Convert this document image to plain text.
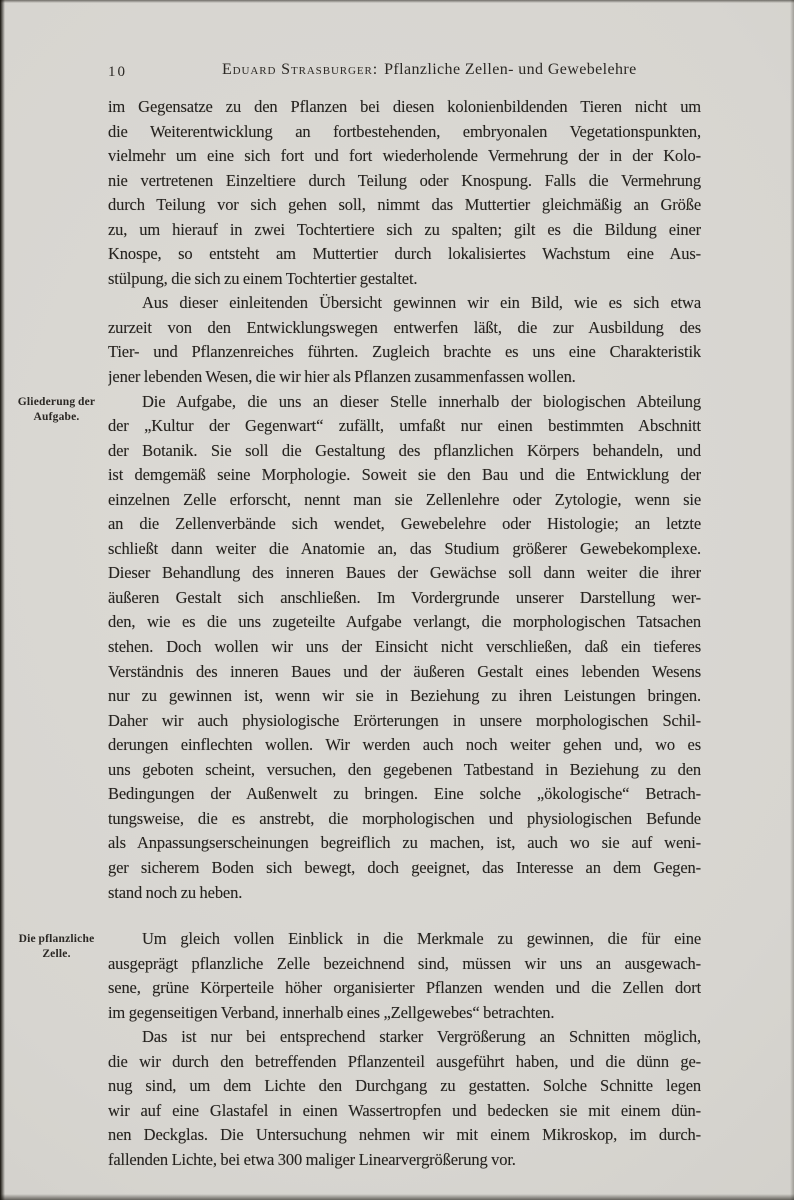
10	Eduard Strasburger: Pflanzliche Zellen- und Gewebelehre
im Gegensatze zu den Pflanzen bei diesen kolonienbildenden Tieren nicht um
die Weiterentwicklung an fortbestehenden, embryonalen Vegetationspunkten,
vielmehr um eine sich fort und fort wiederholende Vermehrung der in der Kolo-
nie vertretenen Einzeltiere durch Teilung oder Knospung. Falls die Vermehrung
durch Teilung vor sich gehen soll, nimmt das Muttertier gleichmäßig an Größe
zu, um hierauf in zwei Tochtertiere sich zu spalten; gilt es die Bildung einer
Knospe, so entsteht am Muttertier durch lokalisiertes Wachstum eine Aus-
stülpung, die sich zu einem Tochtertier gestaltet.
Aus dieser einleitenden Übersicht gewinnen wir ein Bild, wie es sich etwa
zurzeit von den Entwicklungswegen entwerfen läßt, die zur Ausbildung des
Tier- und Pflanzenreiches führten. Zugleich brachte es uns eine Charakteristik
jener lebenden Wesen, die wir hier als Pflanzen zusammenfassen wollen.
Gliederung der Aufgabe.
Die Aufgabe, die uns an dieser Stelle innerhalb der biologischen Abteilung
der „Kultur der Gegenwart“ zufällt, umfaßt nur einen bestimmten Abschnitt
der Botanik. Sie soll die Gestaltung des pflanzlichen Körpers behandeln, und
ist demgemäß seine Morphologie. Soweit sie den Bau und die Entwicklung der
einzelnen Zelle erforscht, nennt man sie Zellenlehre oder Zytologie, wenn sie
an die Zellenverbände sich wendet, Gewebelehre oder Histologie; an letzte
schließt dann weiter die Anatomie an, das Studium größerer Gewebekomplexe.
Dieser Behandlung des inneren Baues der Gewächse soll dann weiter die ihrer
äußeren Gestalt sich anschließen. Im Vordergrunde unserer Darstellung wer-
den, wie es die uns zugeteilte Aufgabe verlangt, die morphologischen Tatsachen
stehen. Doch wollen wir uns der Einsicht nicht verschließen, daß ein tieferes
Verständnis des inneren Baues und der äußeren Gestalt eines lebenden Wesens
nur zu gewinnen ist, wenn wir sie in Beziehung zu ihren Leistungen bringen.
Daher wir auch physiologische Erörterungen in unsere morphologischen Schil-
derungen einflechten wollen. Wir werden auch noch weiter gehen und, wo es
uns geboten scheint, versuchen, den gegebenen Tatbestand in Beziehung zu den
Bedingungen der Außenwelt zu bringen. Eine solche „ökologische“ Betrach-
tungsweise, die es anstrebt, die morphologischen und physiologischen Befunde
als Anpassungserscheinungen begreiflich zu machen, ist, auch wo sie auf weni-
ger sicherem Boden sich bewegt, doch geeignet, das Interesse an dem Gegen-
stand noch zu heben.
Die pflanzliche Zelle.
Um gleich vollen Einblick in die Merkmale zu gewinnen, die für eine
ausgeprägt pflanzliche Zelle bezeichnend sind, müssen wir uns an ausgewach-
sene, grüne Körperteile höher organisierter Pflanzen wenden und die Zellen dort
im gegenseitigen Verband, innerhalb eines „Zellgewebes“ betrachten.
Das ist nur bei entsprechend starker Vergrößerung an Schnitten möglich,
die wir durch den betreffenden Pflanzenteil ausgeführt haben, und die dünn ge-
nug sind, um dem Lichte den Durchgang zu gestatten. Solche Schnitte legen
wir auf eine Glastafel in einen Wassertropfen und bedecken sie mit einem dün-
nen Deckglas. Die Untersuchung nehmen wir mit einem Mikroskop, im durch-
fallenden Lichte, bei etwa 300 maliger Linearvergrößerung vor.
